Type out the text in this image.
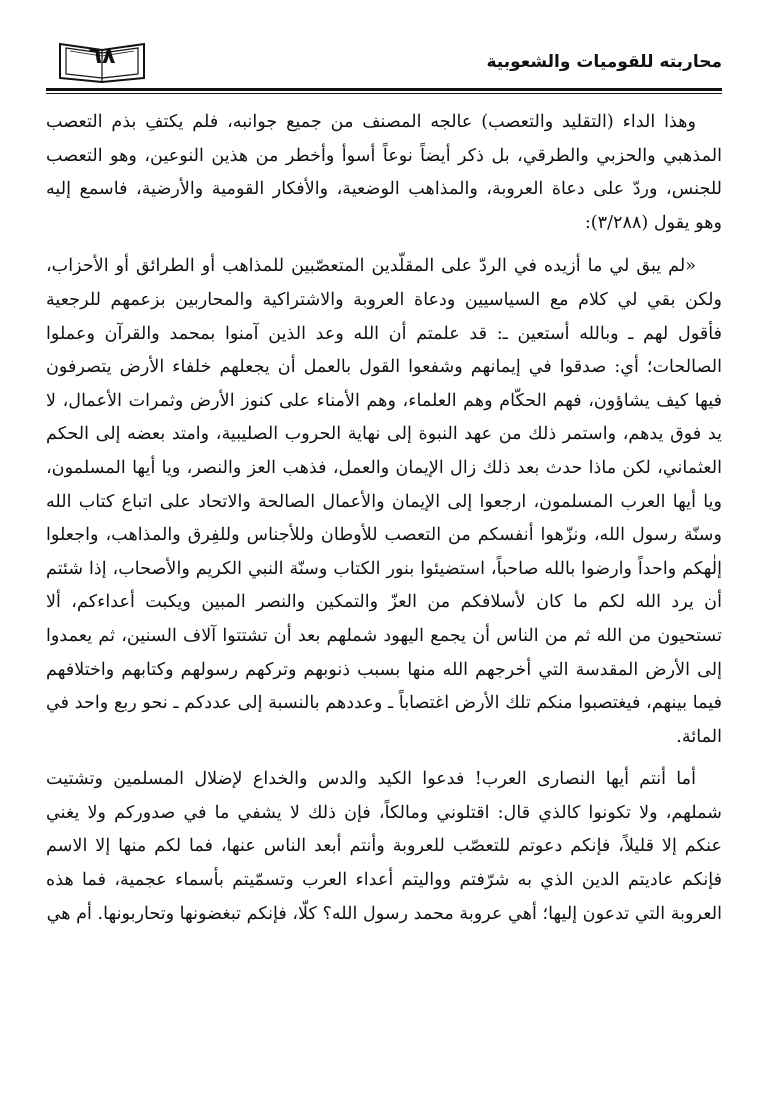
٦٨	محاربته للقوميات والشعوبية

وهذا الداء (التقليد والتعصب) عالجه المصنف من جميع جوانبه، فلم يكتفِ بذم التعصب المذهبي والحزبي والطرقي، بل ذكر أيضاً نوعاً أسوأ وأخطر من هذين النوعين، وهو التعصب للجنس، وردّ على دعاة العروبة، والمذاهب الوضعية، والأفكار القومية والأرضية، فاسمع إليه وهو يقول (٣/٢٨٨):

«لم يبق لي ما أزيده في الردّ على المقلّدين المتعصّبين للمذاهب أو الطرائق أو الأحزاب، ولكن بقي لي كلام مع السياسيين ودعاة العروبة والاشتراكية والمحاربين بزعمهم للرجعية فأقول لهم ـ وبالله أستعين ـ: قد علمتم أن الله وعد الذين آمنوا بمحمد والقرآن وعملوا الصالحات؛ أي: صدقوا في إيمانهم وشفعوا القول بالعمل أن يجعلهم خلفاء الأرض يتصرفون فيها كيف يشاؤون، فهم الحكّام وهم العلماء، وهم الأمناء على كنوز الأرض وثمرات الأعمال، لا يد فوق يدهم، واستمر ذلك من عهد النبوة إلى نهاية الحروب الصليبية، وامتد بعضه إلى الحكم العثماني، لكن ماذا حدث بعد ذلك زال الإيمان والعمل، فذهب العز والنصر، ويا أيها المسلمون، ويا أيها العرب المسلمون، ارجعوا إلى الإيمان والأعمال الصالحة والاتحاد على اتباع كتاب الله وسنّة رسول الله، ونزّهوا أنفسكم من التعصب للأوطان وللأجناس وللفِرق والمذاهب، واجعلوا إلٰهكم واحداً وارضوا بالله صاحباً، استضيئوا بنور الكتاب وسنّة النبي الكريم والأصحاب، إذا شئتم أن يرد الله لكم ما كان لأسلافكم من العزّ والتمكين والنصر المبين ويكبت أعداءكم، ألا تستحيون من الله ثم من الناس أن يجمع اليهود شملهم بعد أن تشتتوا آلاف السنين، ثم يعمدوا إلى الأرض المقدسة التي أخرجهم الله منها بسبب ذنوبهم وتركهم رسولهم وكتابهم واختلافهم فيما بينهم، فيغتصبوا منكم تلك الأرض اغتصاباً ـ وعددهم بالنسبة إلى عددكم ـ نحو ربع واحد في المائة.

أما أنتم أيها النصارى العرب! فدعوا الكيد والدس والخداع لإضلال المسلمين وتشتيت شملهم، ولا تكونوا كالذي قال: اقتلوني ومالكاً، فإن ذلك لا يشفي ما في صدوركم ولا يغني عنكم إلا قليلاً، فإنكم دعوتم للتعصّب للعروبة وأنتم أبعد الناس عنها، فما لكم منها إلا الاسم فإنكم عاديتم الدين الذي به شرّفتم وواليتم أعداء العرب وتسمّيتم بأسماء عجمية، فما هذه العروبة التي تدعون إليها؛ أهي عروبة محمد رسول الله؟ كلّا، فإنكم تبغضونها وتحاربونها. أم هي
